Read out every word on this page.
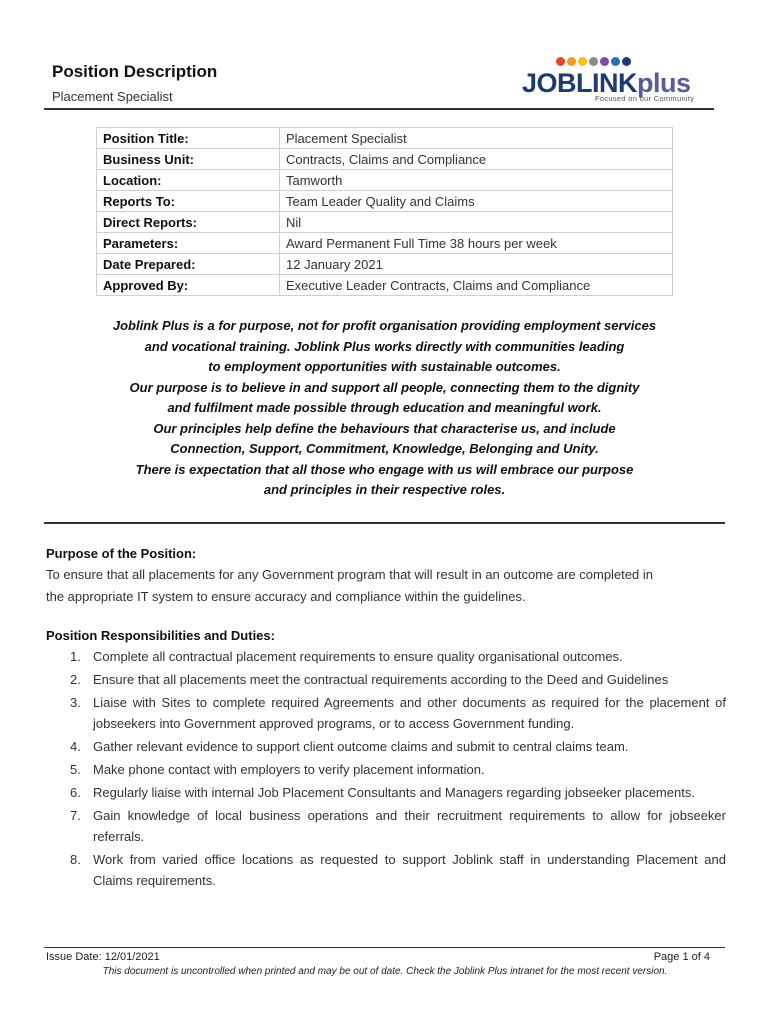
Position Description
Placement Specialist	JOBLINKplus
Focused on our Community
Position Title:	Placement Specialist
Business Unit:	Contracts, Claims and Compliance
Location:	Tamworth
Reports To:	Team Leader Quality and Claims
Direct Reports:	Nil
Parameters:	Award Permanent Full Time 38 hours per week
Date Prepared:	12 January 2021
Approved By:	Executive Leader Contracts, Claims and Compliance
Joblink Plus is a for purpose, not for profit organisation providing employment services
and vocational training. Joblink Plus works directly with communities leading
to employment opportunities with sustainable outcomes.
Our purpose is to believe in and support all people, connecting them to the dignity
and fulfilment made possible through education and meaningful work.
Our principles help define the behaviours that characterise us, and include
Connection, Support, Commitment, Knowledge, Belonging and Unity.
There is expectation that all those who engage with us will embrace our purpose
and principles in their respective roles.
Purpose of the Position:
To ensure that all placements for any Government program that will result in an outcome are completed in
the appropriate IT system to ensure accuracy and compliance within the guidelines.
Position Responsibilities and Duties:
1. Complete all contractual placement requirements to ensure quality organisational outcomes.
2. Ensure that all placements meet the contractual requirements according to the Deed and Guidelines
3. Liaise with Sites to complete required Agreements and other documents as required for the placement of jobseekers into Government approved programs, or to access Government funding.
4. Gather relevant evidence to support client outcome claims and submit to central claims team.
5. Make phone contact with employers to verify placement information.
6. Regularly liaise with internal Job Placement Consultants and Managers regarding jobseeker placements.
7. Gain knowledge of local business operations and their recruitment requirements to allow for jobseeker referrals.
8. Work from varied office locations as requested to support Joblink staff in understanding Placement and Claims requirements.
Issue Date: 12/01/2021	Page 1 of 4
This document is uncontrolled when printed and may be out of date. Check the Joblink Plus intranet for the most recent version.
